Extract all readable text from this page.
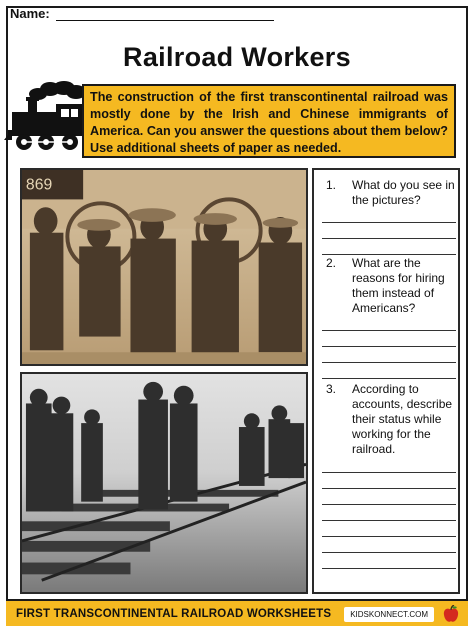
Name:
Railroad Workers
The construction of the first transcontinental railroad was mostly done by the Irish and Chinese immigrants of America. Can you answer the questions about them below? Use additional sheets of paper as needed.
869	1. What do you see in the pictures?
2. What are the reasons for hiring them instead of Americans?
3. According to accounts, describe their status while working for the railroad.
FIRST TRANSCONTINENTAL RAILROAD WORKSHEETS	KIDSKONNECT.COM
